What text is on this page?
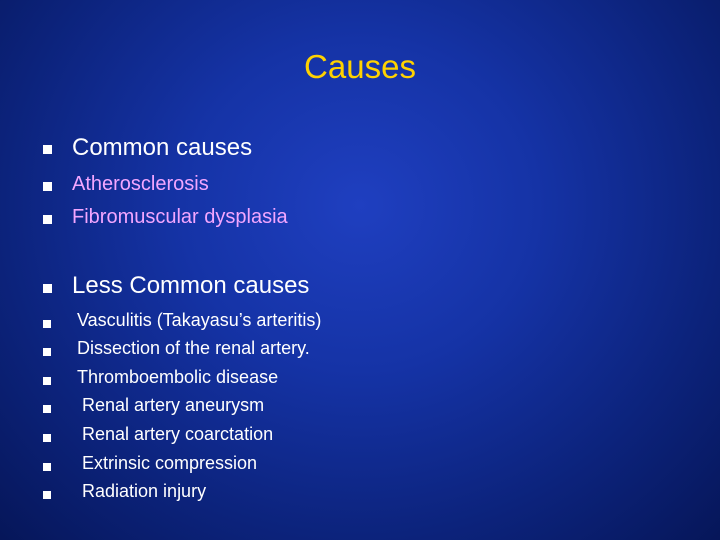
Causes
Common causes
Atherosclerosis
Fibromuscular dysplasia
Less Common causes
Vasculitis (Takayasu’s arteritis)
Dissection of the renal artery.
Thromboembolic disease
Renal artery aneurysm
Renal artery coarctation
Extrinsic compression
Radiation injury
